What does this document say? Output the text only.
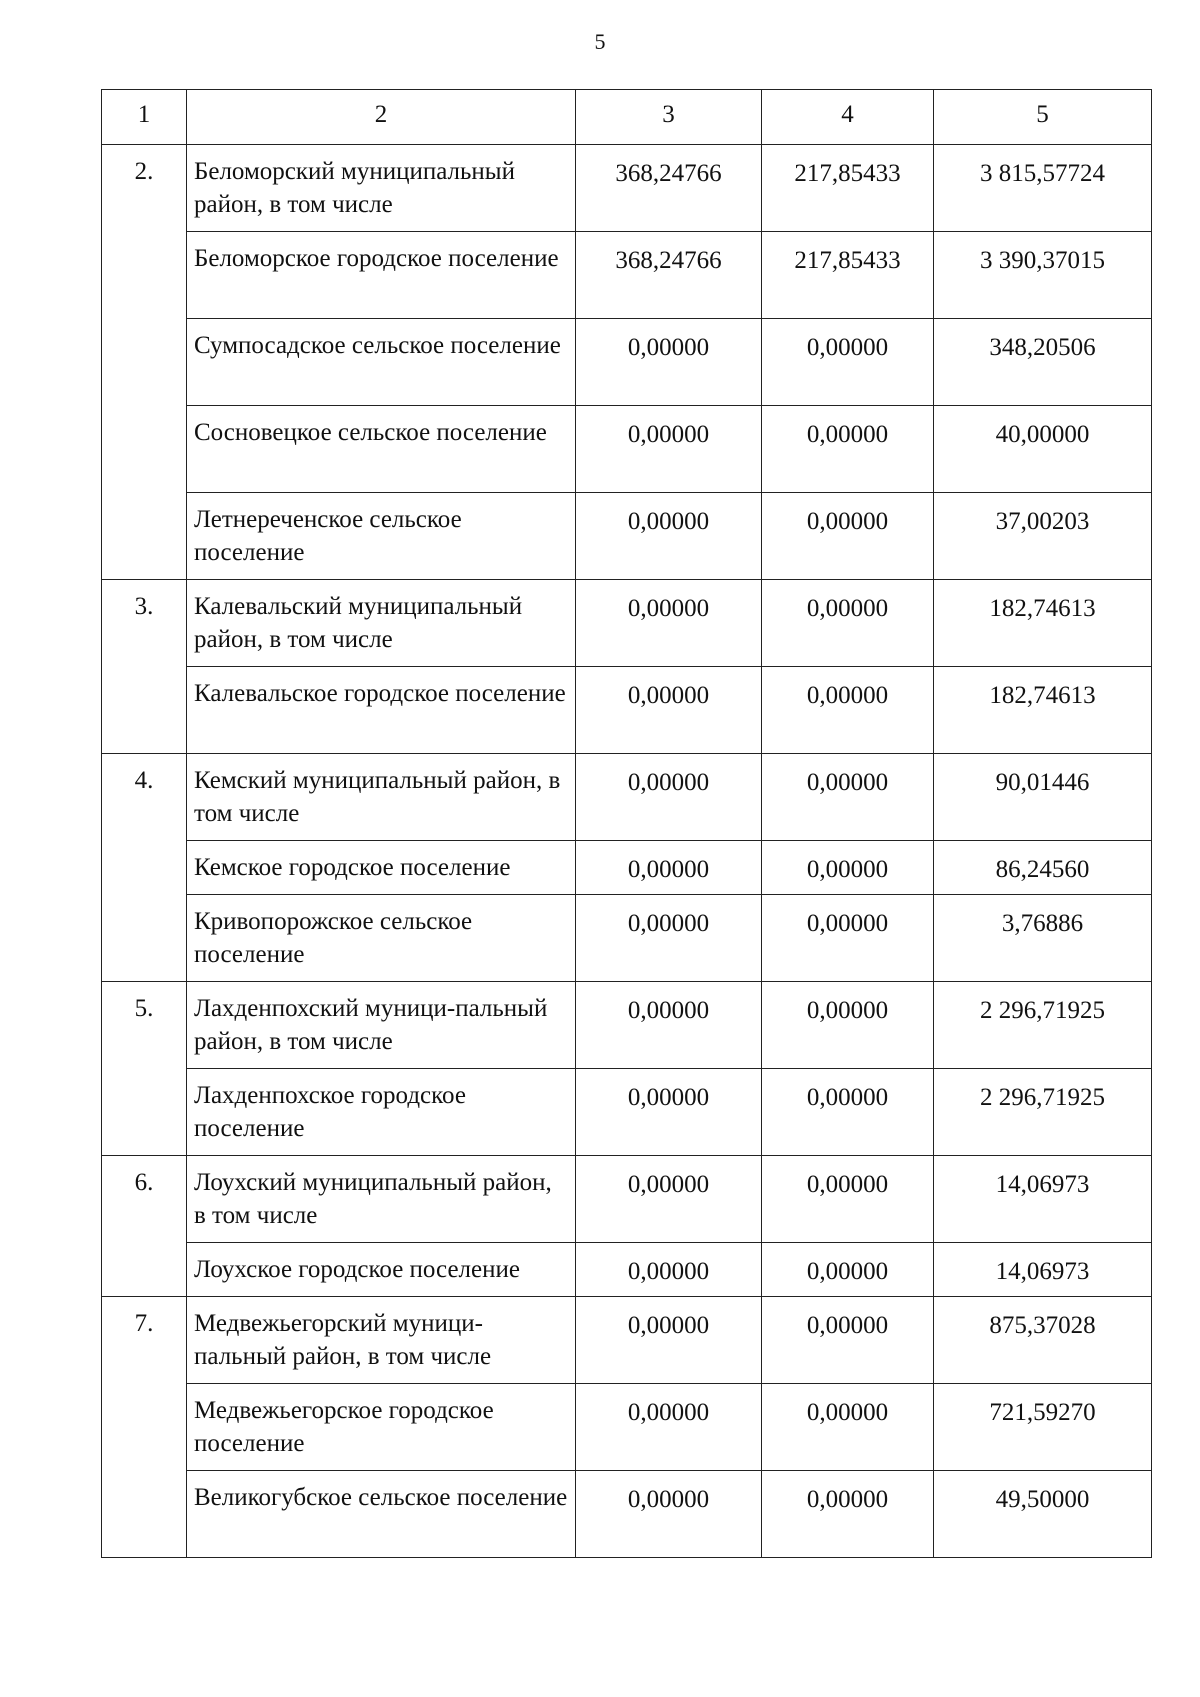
5
1	2	3	4	5
2.	Беломорский муниципальный район, в том числе	368,24766	217,85433	3 815,57724
	Беломорское городское поселение	368,24766	217,85433	3 390,37015
	Сумпосадское сельское поселение	0,00000	0,00000	348,20506
	Сосновецкое сельское поселение	0,00000	0,00000	40,00000
	Летнереченское сельское поселение	0,00000	0,00000	37,00203
3.	Калевальский муниципальный район, в том числе	0,00000	0,00000	182,74613
	Калевальское городское поселение	0,00000	0,00000	182,74613
4.	Кемский муниципальный район, в том числе	0,00000	0,00000	90,01446
	Кемское городское поселение	0,00000	0,00000	86,24560
	Кривопорожское сельское поселение	0,00000	0,00000	3,76886
5.	Лахденпохский муници-пальный район, в том числе	0,00000	0,00000	2 296,71925
	Лахденпохское городское поселение	0,00000	0,00000	2 296,71925
6.	Лоухский муниципальный район, в том числе	0,00000	0,00000	14,06973
	Лоухское городское поселение	0,00000	0,00000	14,06973
7.	Медвежьегорский муници-пальный район, в том числе	0,00000	0,00000	875,37028
	Медвежьегорское городское поселение	0,00000	0,00000	721,59270
	Великогубское сельское поселение	0,00000	0,00000	49,50000
